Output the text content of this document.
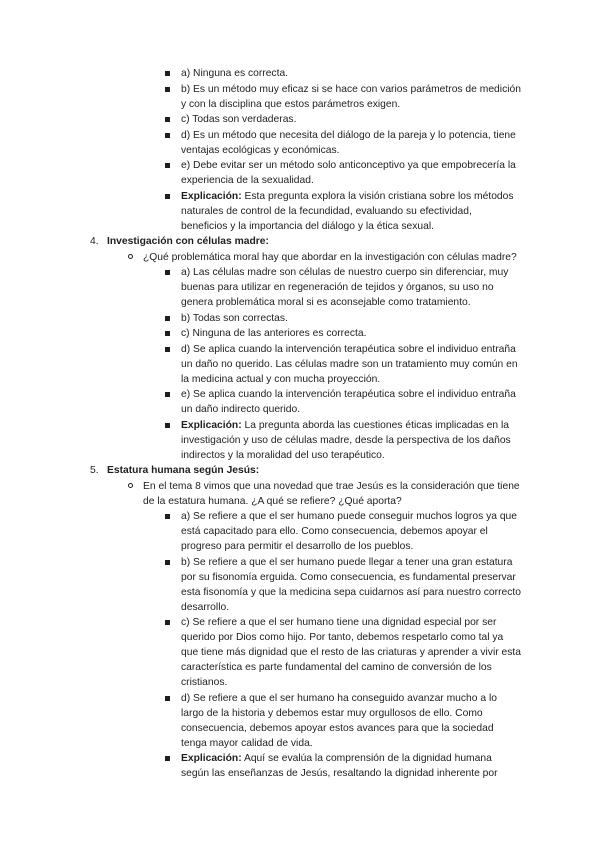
a) Ninguna es correcta.
b) Es un método muy eficaz si se hace con varios parámetros de medición y con la disciplina que estos parámetros exigen.
c) Todas son verdaderas.
d) Es un método que necesita del diálogo de la pareja y lo potencia, tiene ventajas ecológicas y económicas.
e) Debe evitar ser un método solo anticonceptivo ya que empobrecería la experiencia de la sexualidad.
Explicación: Esta pregunta explora la visión cristiana sobre los métodos naturales de control de la fecundidad, evaluando su efectividad, beneficios y la importancia del diálogo y la ética sexual.
4. Investigación con células madre:
¿Qué problemática moral hay que abordar en la investigación con células madre?
a) Las células madre son células de nuestro cuerpo sin diferenciar, muy buenas para utilizar en regeneración de tejidos y órganos, su uso no genera problemática moral si es aconsejable como tratamiento.
b) Todas son correctas.
c) Ninguna de las anteriores es correcta.
d) Se aplica cuando la intervención terapéutica sobre el individuo entraña un daño no querido. Las células madre son un tratamiento muy común en la medicina actual y con mucha proyección.
e) Se aplica cuando la intervención terapéutica sobre el individuo entraña un daño indirecto querido.
Explicación: La pregunta aborda las cuestiones éticas implicadas en la investigación y uso de células madre, desde la perspectiva de los daños indirectos y la moralidad del uso terapéutico.
5. Estatura humana según Jesús:
En el tema 8 vimos que una novedad que trae Jesús es la consideración que tiene de la estatura humana. ¿A qué se refiere? ¿Qué aporta?
a) Se refiere a que el ser humano puede conseguir muchos logros ya que está capacitado para ello. Como consecuencia, debemos apoyar el progreso para permitir el desarrollo de los pueblos.
b) Se refiere a que el ser humano puede llegar a tener una gran estatura por su fisonomía erguida. Como consecuencia, es fundamental preservar esta fisonomía y que la medicina sepa cuidarnos así para nuestro correcto desarrollo.
c) Se refiere a que el ser humano tiene una dignidad especial por ser querido por Dios como hijo. Por tanto, debemos respetarlo como tal ya que tiene más dignidad que el resto de las criaturas y aprender a vivir esta característica es parte fundamental del camino de conversión de los cristianos.
d) Se refiere a que el ser humano ha conseguido avanzar mucho a lo largo de la historia y debemos estar muy orgullosos de ello. Como consecuencia, debemos apoyar estos avances para que la sociedad tenga mayor calidad de vida.
Explicación: Aquí se evalúa la comprensión de la dignidad humana según las enseñanzas de Jesús, resaltando la dignidad inherente por
